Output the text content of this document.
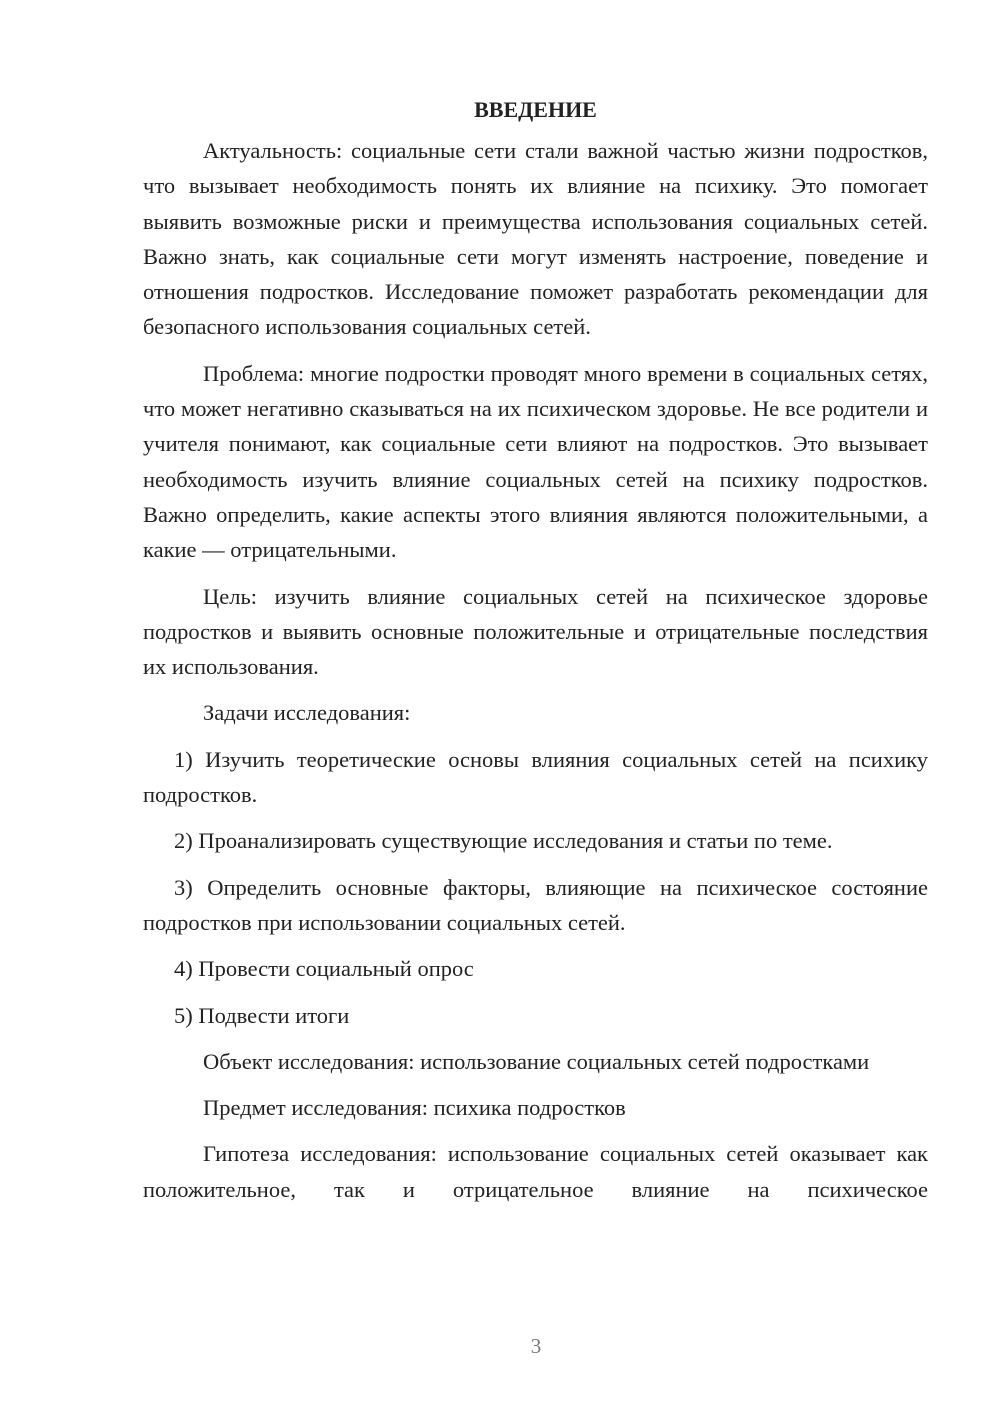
ВВЕДЕНИЕ

Актуальность: социальные сети стали важной частью жизни подростков, что вызывает необходимость понять их влияние на психику. Это помогает выявить возможные риски и преимущества использования социальных сетей. Важно знать, как социальные сети могут изменять настроение, поведение и отношения подростков. Исследование поможет разработать рекомендации для безопасного использования социальных сетей.

Проблема: многие подростки проводят много времени в социальных сетях, что может негативно сказываться на их психическом здоровье. Не все родители и учителя понимают, как социальные сети влияют на подростков. Это вызывает необходимость изучить влияние социальных сетей на психику подростков. Важно определить, какие аспекты этого влияния являются положительными, а какие — отрицательными.

Цель: изучить влияние социальных сетей на психическое здоровье подростков и выявить основные положительные и отрицательные последствия их использования.

Задачи исследования:

1) Изучить теоретические основы влияния социальных сетей на психику подростков.

2) Проанализировать существующие исследования и статьи по теме.

3) Определить основные факторы, влияющие на психическое состояние подростков при использовании социальных сетей.

4) Провести социальный опрос

5) Подвести итоги

Объект исследования: использование социальных сетей подростками

Предмет исследования: психика подростков

Гипотеза исследования: использование социальных сетей оказывает как положительное, так и отрицательное влияние на психическое

3
